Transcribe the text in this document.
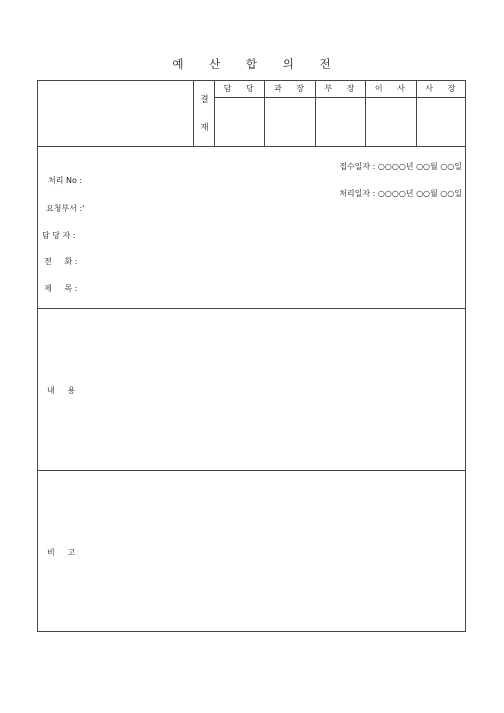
예 산 합 의 전
결
재
담 당	과 장	부 장	이 사	사 장
접수일자 : ○○○○년 ○○월 ○○일
처리일자 : ○○○○년 ○○월 ○○일
처리 No :
요청부서 :'
담 당 자 :
전     화 :
제     목 :
내     용
비     고
